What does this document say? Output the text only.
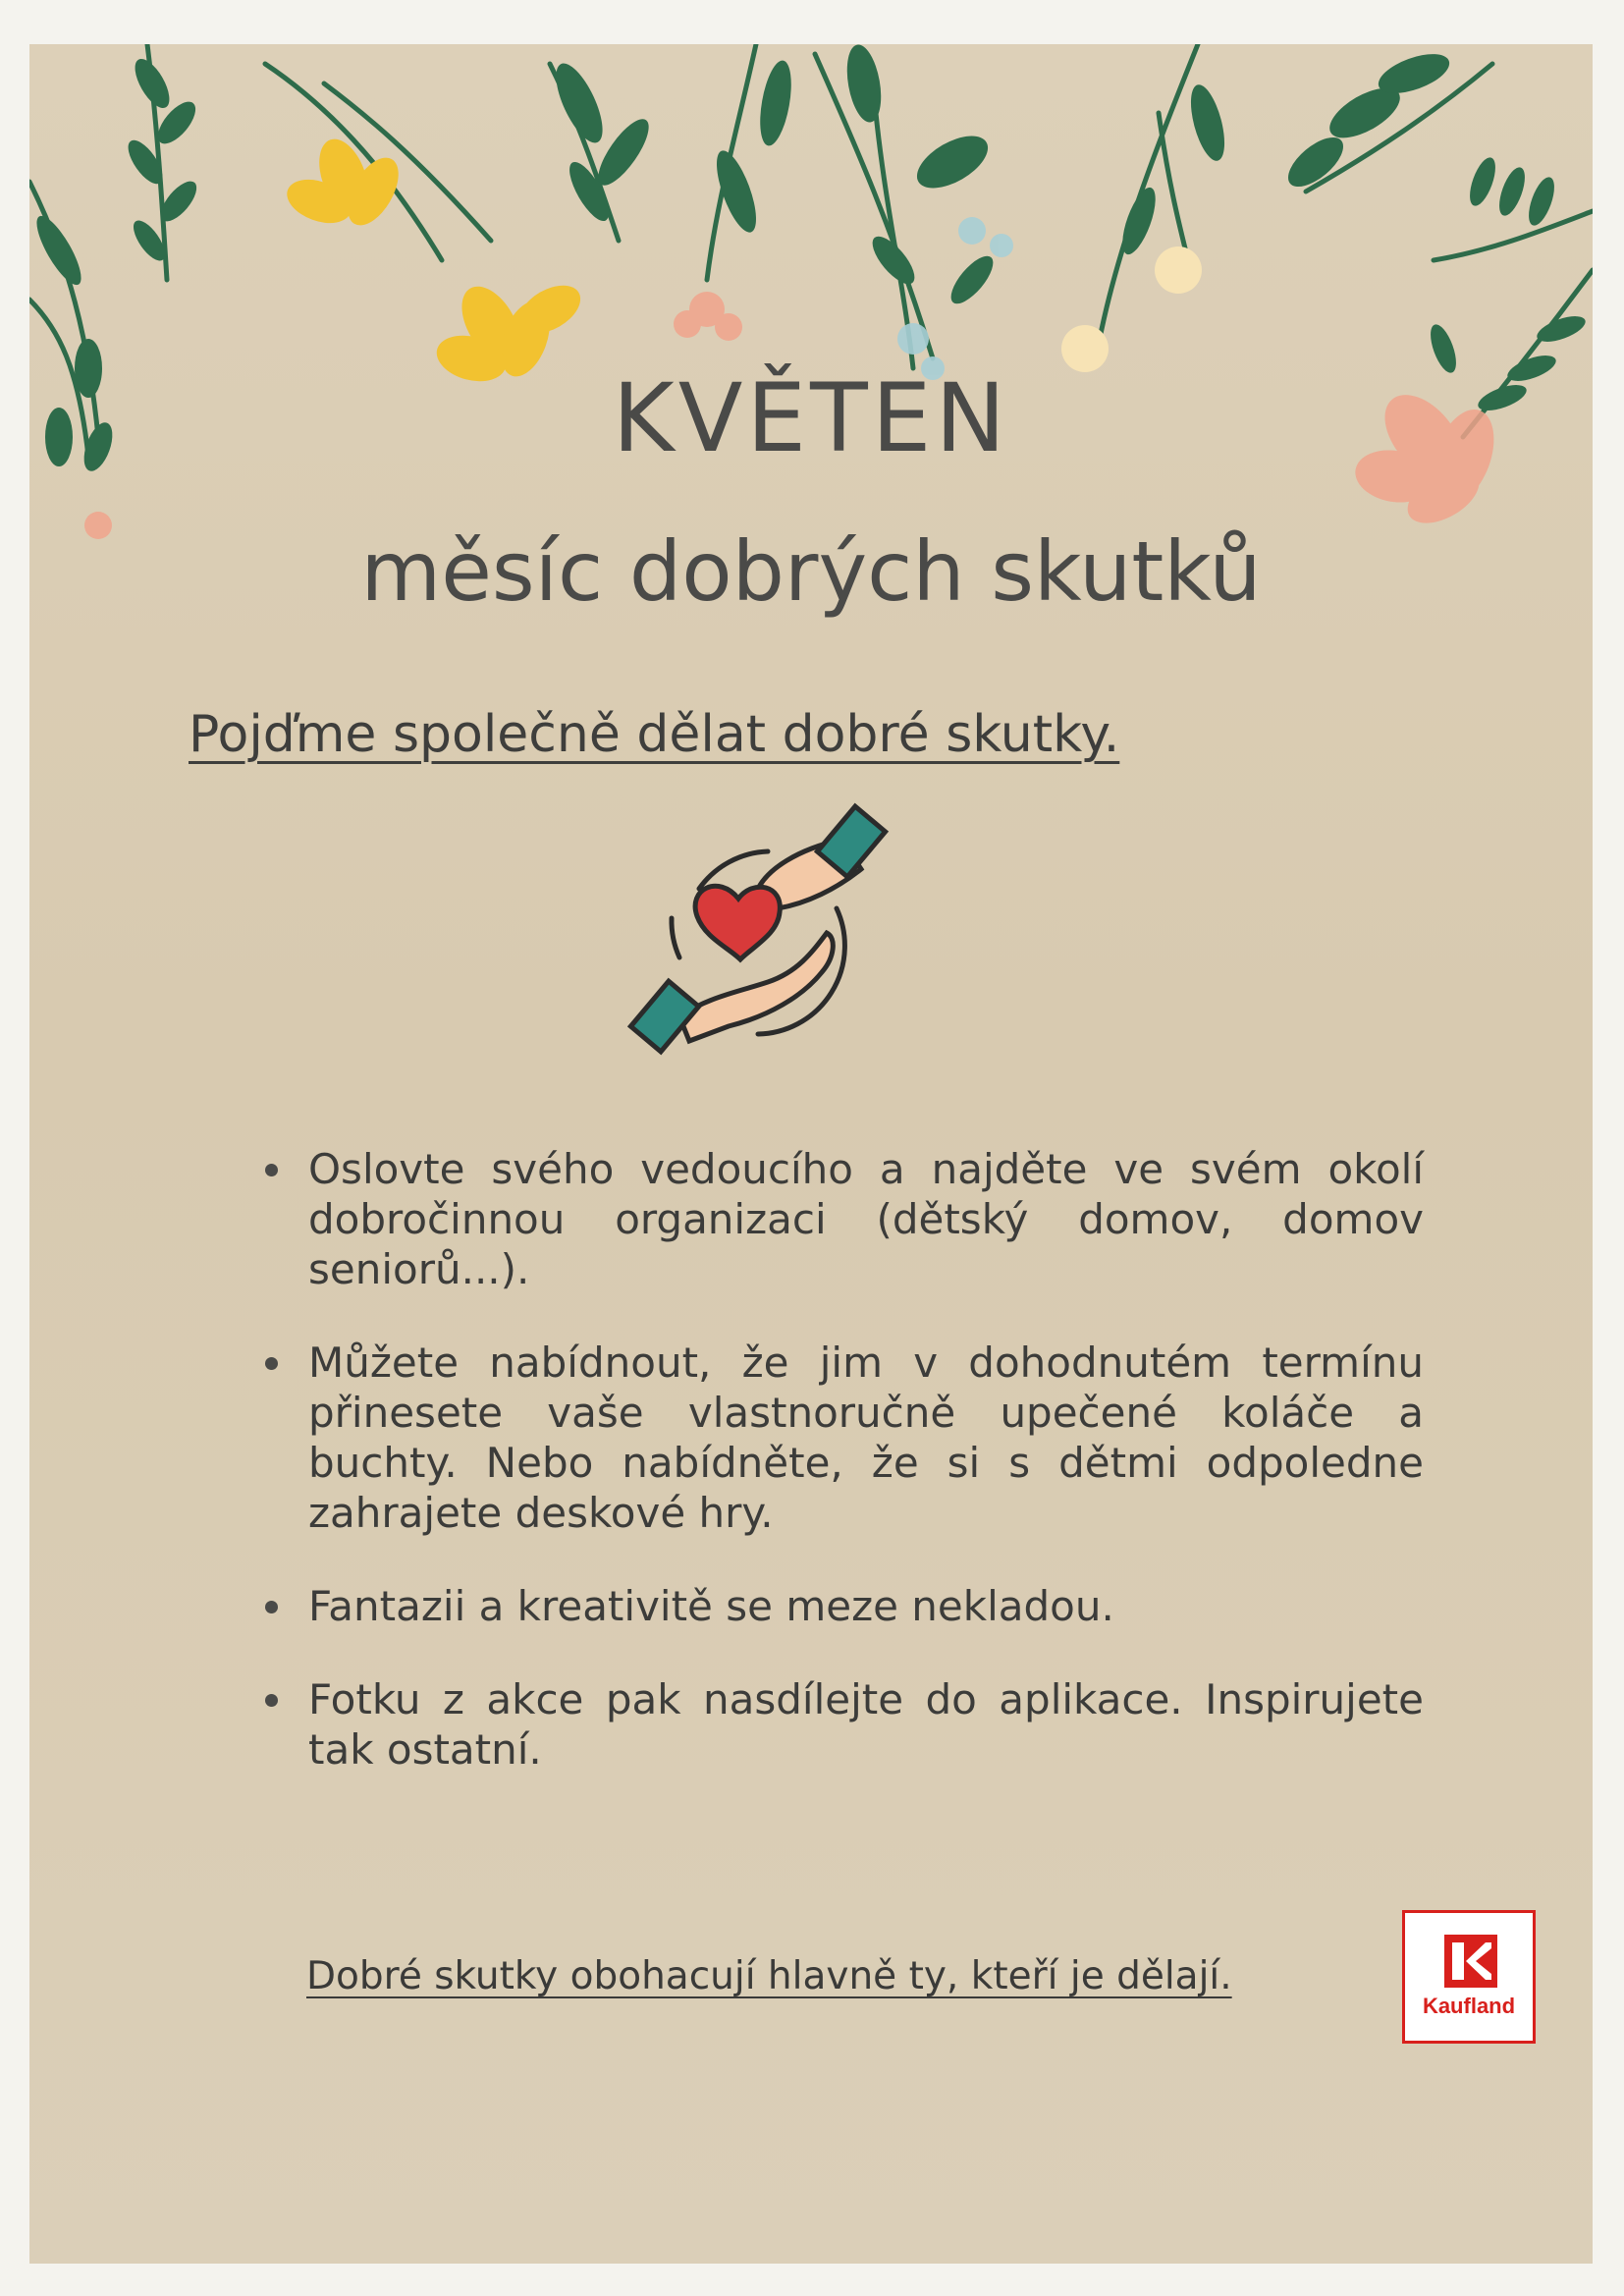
KVĚTEN
měsíc dobrých skutků
Pojďme společně dělat dobré skutky.
Oslovte svého vedoucího a najděte ve svém okolí dobročinnou organizaci (dětský domov, domov seniorů...).
Můžete nabídnout, že jim v dohodnutém termínu přinesete vaše vlastnoručně upečené koláče a buchty. Nebo nabídněte, že si s dětmi odpoledne zahrajete deskové hry.
Fantazii a kreativitě se meze nekladou.
Fotku z akce pak nasdílejte do aplikace. Inspirujete tak ostatní.
Dobré skutky obohacují hlavně ty, kteří je dělají.
Kaufland
